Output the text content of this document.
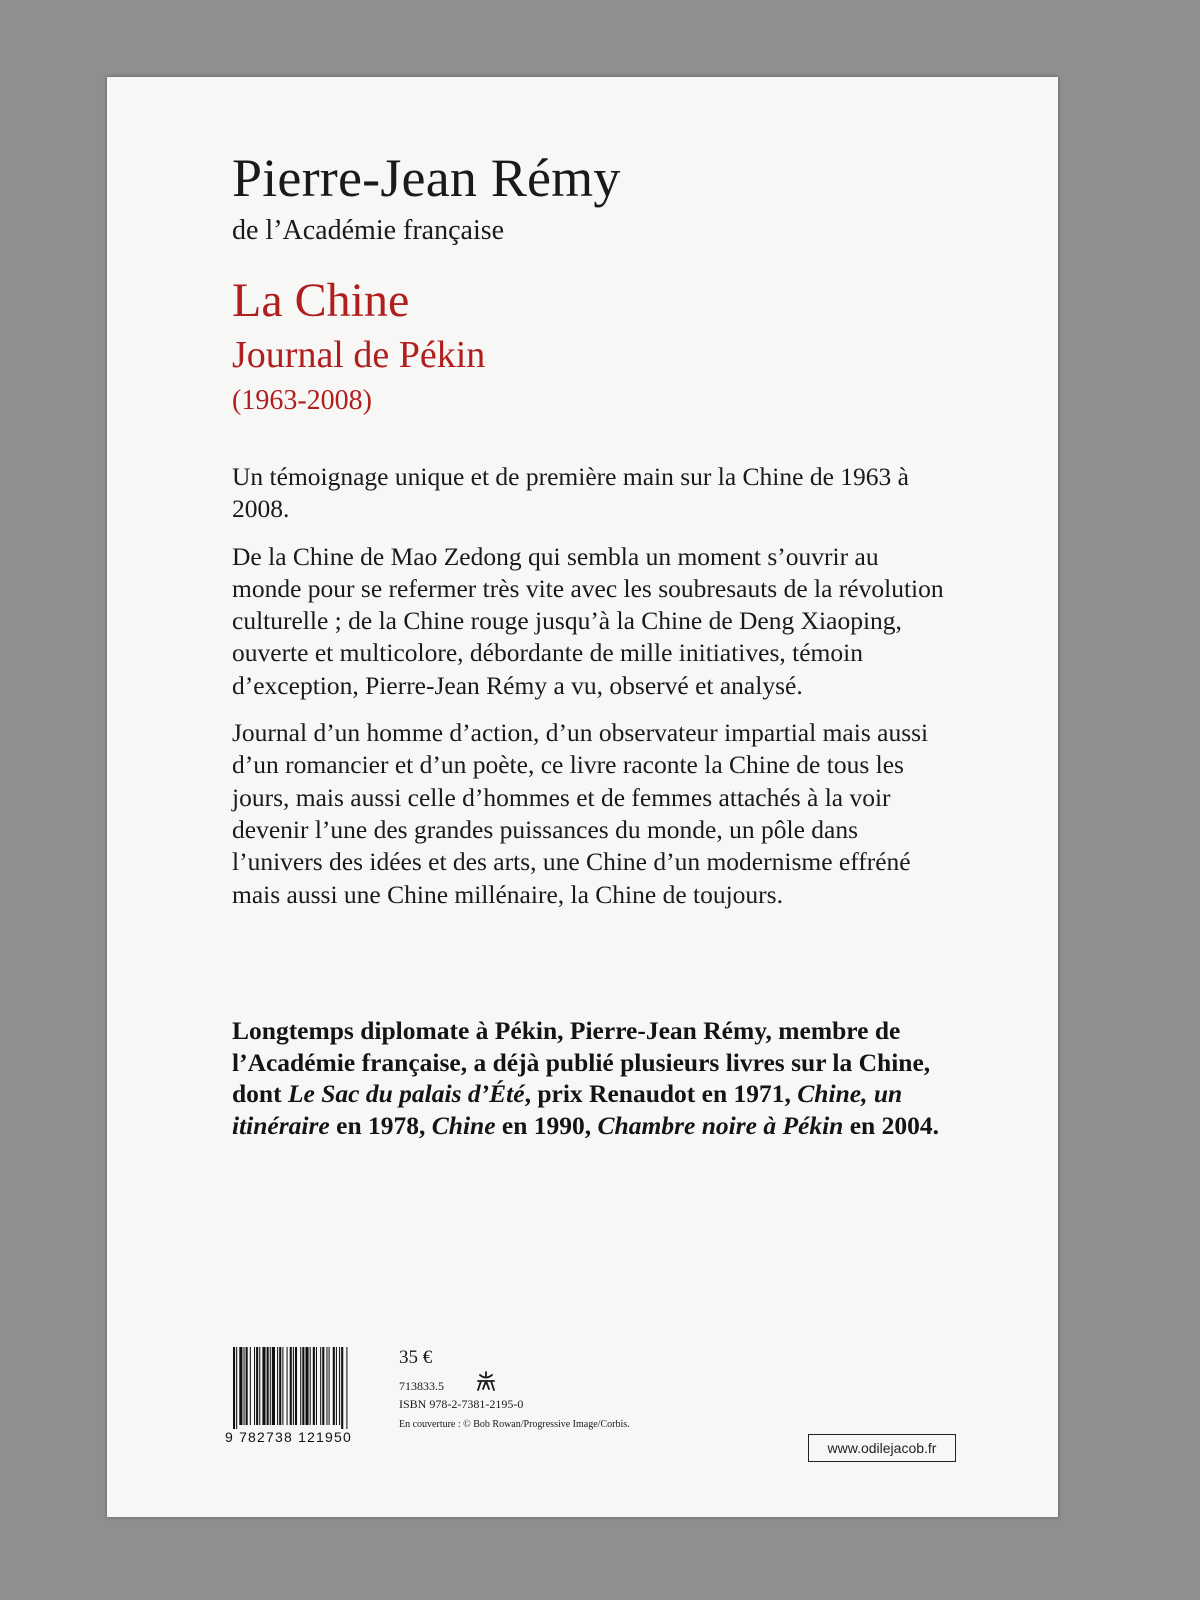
Pierre-Jean Rémy
de l’Académie française
La Chine
Journal de Pékin
(1963-2008)

Un témoignage unique et de première main sur la Chine de 1963 à 2008.

De la Chine de Mao Zedong qui sembla un moment s’ouvrir au monde pour se refermer très vite avec les soubresauts de la révolution culturelle ; de la Chine rouge jusqu’à la Chine de Deng Xiaoping, ouverte et multicolore, débordante de mille initiatives, témoin d’exception, Pierre-Jean Rémy a vu, observé et analysé.

Journal d’un homme d’action, d’un observateur impartial mais aussi d’un romancier et d’un poète, ce livre raconte la Chine de tous les jours, mais aussi celle d’hommes et de femmes attachés à la voir devenir l’une des grandes puissances du monde, un pôle dans l’univers des idées et des arts, une Chine d’un modernisme effréné mais aussi une Chine millénaire, la Chine de toujours.

Longtemps diplomate à Pékin, Pierre-Jean Rémy, membre de l’Académie française, a déjà publié plusieurs livres sur la Chine, dont Le Sac du palais d’Été, prix Renaudot en 1971, Chine, un itinéraire en 1978, Chine en 1990, Chambre noire à Pékin en 2004.
9 782738 121950
35 €
713833.5
ISBN 978-2-7381-2195-0
En couverture : © Bob Rowan/Progressive Image/Corbis.
www.odilejacob.fr
